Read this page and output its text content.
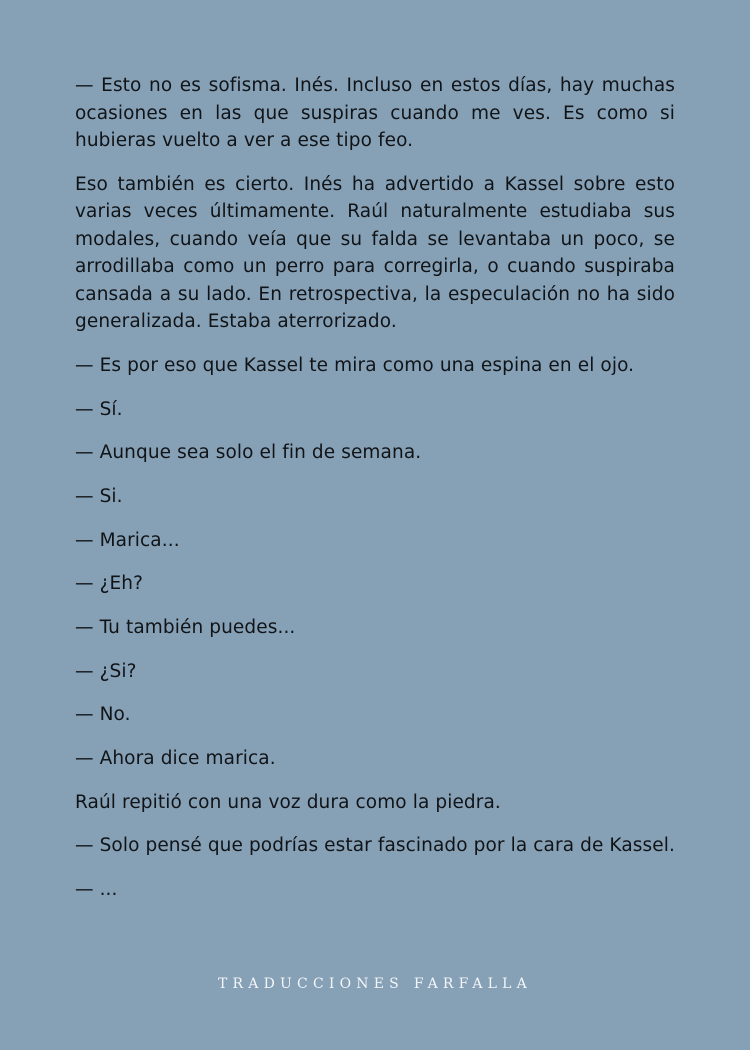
— Esto no es sofisma. Inés. Incluso en estos días, hay muchas ocasiones en las que suspiras cuando me ves. Es como si hubieras vuelto a ver a ese tipo feo.

Eso también es cierto. Inés ha advertido a Kassel sobre esto varias veces últimamente. Raúl naturalmente estudiaba sus modales, cuando veía que su falda se levantaba un poco, se arrodillaba como un perro para corregirla, o cuando suspiraba cansada a su lado. En retrospectiva, la especulación no ha sido generalizada. Estaba aterrorizado.

— Es por eso que Kassel te mira como una espina en el ojo.

— Sí.

— Aunque sea solo el fin de semana.

— Si.

— Marica...

— ¿Eh?

— Tu también puedes...

— ¿Si?

— No.

— Ahora dice marica.

Raúl repitió con una voz dura como la piedra.

— Solo pensé que podrías estar fascinado por la cara de Kassel.

— ...

TRADUCCIONES FARFALLA
